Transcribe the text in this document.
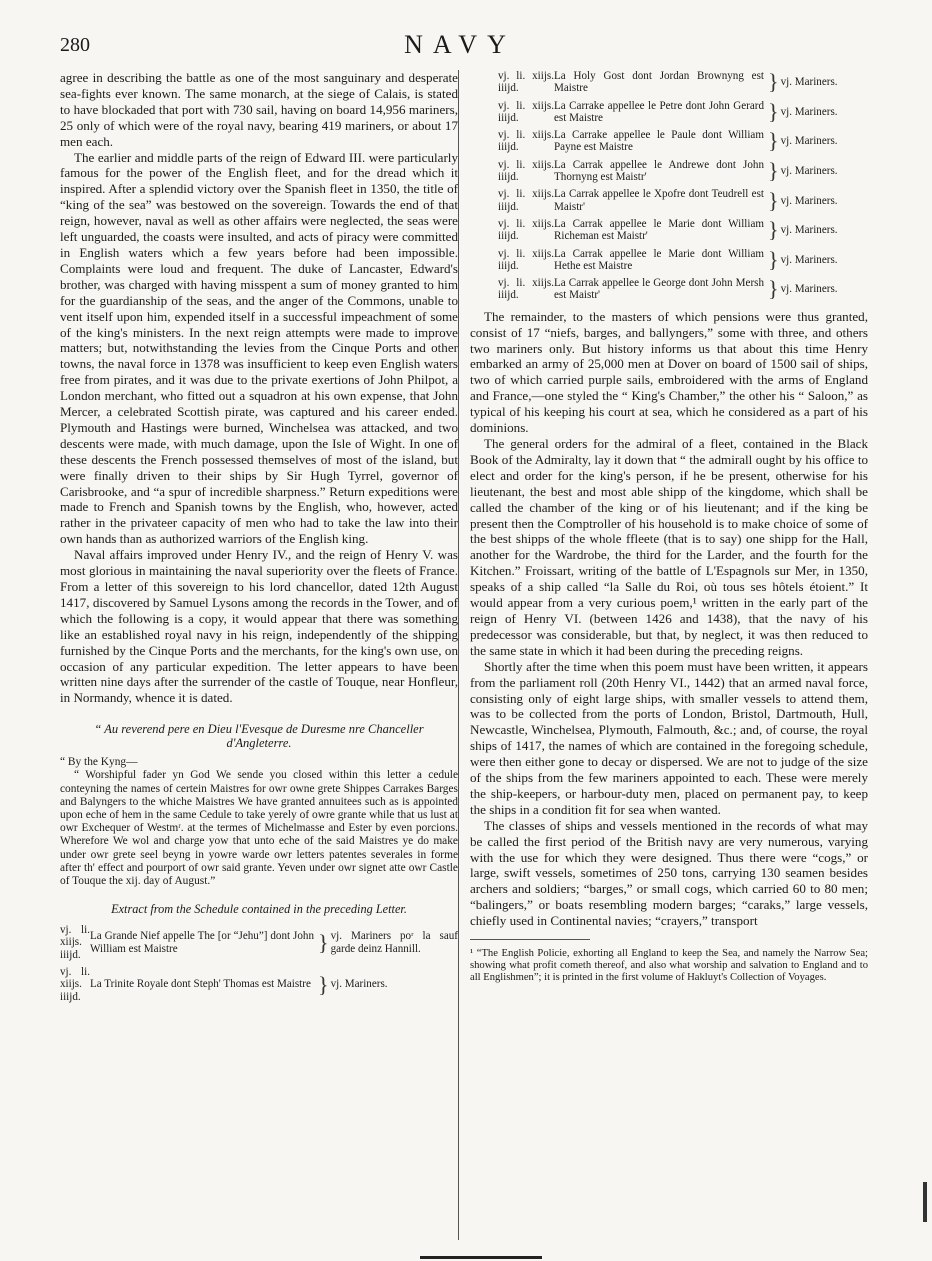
280	NAVY

agree in describing the battle as one of the most sanguinary and desperate sea-fights ever known. The same monarch, at the siege of Calais, is stated to have blockaded that port with 730 sail, having on board 14,956 mariners, 25 only of which were of the royal navy, bearing 419 mariners, or about 17 men each.

The earlier and middle parts of the reign of Edward III. were particularly famous for the power of the English fleet, and for the dread which it inspired. After a splendid victory over the Spanish fleet in 1350, the title of “king of the sea” was bestowed on the sovereign. Towards the end of that reign, however, naval as well as other affairs were neglected, the seas were left unguarded, the coasts were insulted, and acts of piracy were committed in English waters which a few years before had been impossible. Complaints were loud and frequent. The duke of Lancaster, Edward's brother, was charged with having misspent a sum of money granted to him for the guardianship of the seas, and the anger of the Commons, unable to vent itself upon him, expended itself in a successful impeachment of some of the king's ministers. In the next reign attempts were made to improve matters; but, notwithstanding the levies from the Cinque Ports and other towns, the naval force in 1378 was insufficient to keep even English waters free from pirates, and it was due to the private exertions of John Philpot, a London merchant, who fitted out a squadron at his own expense, that John Mercer, a celebrated Scottish pirate, was captured and his career ended. Plymouth and Hastings were burned, Winchelsea was attacked, and two descents were made, with much damage, upon the Isle of Wight. In one of these descents the French possessed themselves of most of the island, but were finally driven to their ships by Sir Hugh Tyrrel, governor of Carisbrooke, and “a spur of incredible sharpness.” Return expeditions were made to French and Spanish towns by the English, who, however, acted rather in the privateer capacity of men who had to take the law into their own hands than as authorized warriors of the English king.

Naval affairs improved under Henry IV., and the reign of Henry V. was most glorious in maintaining the naval superiority over the fleets of France. From a letter of this sovereign to his lord chancellor, dated 12th August 1417, discovered by Samuel Lysons among the records in the Tower, and of which the following is a copy, it would appear that there was something like an established royal navy in his reign, independently of the shipping furnished by the Cinque Ports and the merchants, for the king's own use, on occasion of any particular expedition. The letter appears to have been written nine days after the surrender of the castle of Touque, near Honfleur, in Normandy, whence it is dated.

“ Au reverend pere en Dieu l'Evesque de Duresme nre Chanceller d'Angleterre.

“ By the Kyng—

“ Worshipful fader yn God We sende you closed within this letter a cedule conteyning the names of certein Maistres for owr owne grete Shippes Carrakes Barges and Balyngers to the whiche Maistres We have granted annuitees such as is appointed upon eche of hem in the same Cedule to take yerely of owre grante while that us lust at owr Exchequer of Westmʳ. at the termes of Michelmasse and Ester by even porcions. Wherefore We wol and charge yow that unto eche of the said Maistres ye do make under owr grete seel beyng in yowre warde owr letters patentes severales in forme after th' effect and pourport of owr said grante. Yeven under owr signet atte owr Castle of Touque the xij. day of August.”

Extract from the Schedule contained in the preceding Letter.
vj. li. xiijs. iiijd.	La Grande Nief appelle The [or “Jehu”] dont John William est Maistre	}	vj. Mariners poʳ la sauf garde deinz Hannill.
vj. li. xiijs. iiijd.	La Trinite Royale dont Steph' Thomas est Maistre	}	vj. Mariners.
vj. li. xiijs. iiijd.	La Holy Gost dont Jordan Brownyng est Maistre	}	vj. Mariners.
vj. li. xiijs. iiijd.	La Carrake appellee le Petre dont John Gerard est Maistre	}	vj. Mariners.
vj. li. xiijs. iiijd.	La Carrake appellee le Paule dont William Payne est Maistre	}	vj. Mariners.
vj. li. xiijs. iiijd.	La Carrak appellee le Andrewe dont John Thornyng est Maistr'	}	vj. Mariners.
vj. li. xiijs. iiijd.	La Carrak appellee le Xpofre dont Teudrell est Maistr'	}	vj. Mariners.
vj. li. xiijs. iiijd.	La Carrak appellee le Marie dont William Richeman est Maistr'	}	vj. Mariners.
vj. li. xiijs. iiijd.	La Carrak appellee le Marie dont William Hethe est Maistre	}	vj. Mariners.
vj. li. xiijs. iiijd.	La Carrak appellee le George dont John Mersh est Maistr'	}	vj. Mariners.

The remainder, to the masters of which pensions were thus granted, consist of 17 “niefs, barges, and ballyngers,” some with three, and others two mariners only. But history informs us that about this time Henry embarked an army of 25,000 men at Dover on board of 1500 sail of ships, two of which carried purple sails, embroidered with the arms of England and France,—one styled the “ King's Chamber,” the other his “ Saloon,” as typical of his keeping his court at sea, which he considered as a part of his dominions.

The general orders for the admiral of a fleet, contained in the Black Book of the Admiralty, lay it down that “ the admirall ought by his office to elect and order for the king's person, if he be present, otherwise for his lieutenant, the best and most able shipp of the kingdome, which shall be called the chamber of the king or of his lieutenant; and if the king be present then the Comptroller of his household is to make choice of some of the best shipps of the whole ffleete (that is to say) one shipp for the Hall, another for the Wardrobe, the third for the Larder, and the fourth for the Kitchen.” Froissart, writing of the battle of L'Espagnols sur Mer, in 1350, speaks of a ship called “la Salle du Roi, où tous ses hôtels étoient.” It would appear from a very curious poem,¹ written in the early part of the reign of Henry VI. (between 1426 and 1438), that the navy of his predecessor was considerable, but that, by neglect, it was then reduced to the same state in which it had been during the preceding reigns.

Shortly after the time when this poem must have been written, it appears from the parliament roll (20th Henry VI., 1442) that an armed naval force, consisting only of eight large ships, with smaller vessels to attend them, was to be collected from the ports of London, Bristol, Dartmouth, Hull, Newcastle, Winchelsea, Plymouth, Falmouth, &c.; and, of course, the royal ships of 1417, the names of which are contained in the foregoing schedule, were then either gone to decay or dispersed. We are not to judge of the size of the ships from the few mariners appointed to each. These were merely the ship-keepers, or harbour-duty men, placed on permanent pay, to keep the ships in a condition fit for sea when wanted.

The classes of ships and vessels mentioned in the records of what may be called the first period of the British navy are very numerous, varying with the use for which they were designed. Thus there were “cogs,” or large, swift vessels, sometimes of 250 tons, carrying 130 seamen besides archers and soldiers; “barges,” or small cogs, which carried 60 to 80 men; “balingers,” or boats resembling modern barges; “caraks,” large vessels, chiefly used in Continental navies; “crayers,” transport

¹ “The English Policie, exhorting all England to keep the Sea, and namely the Narrow Sea; showing what profit cometh thereof, and also what worship and salvation to England and to all Englishmen”; it is printed in the first volume of Hakluyt's Collection of Voyages.
